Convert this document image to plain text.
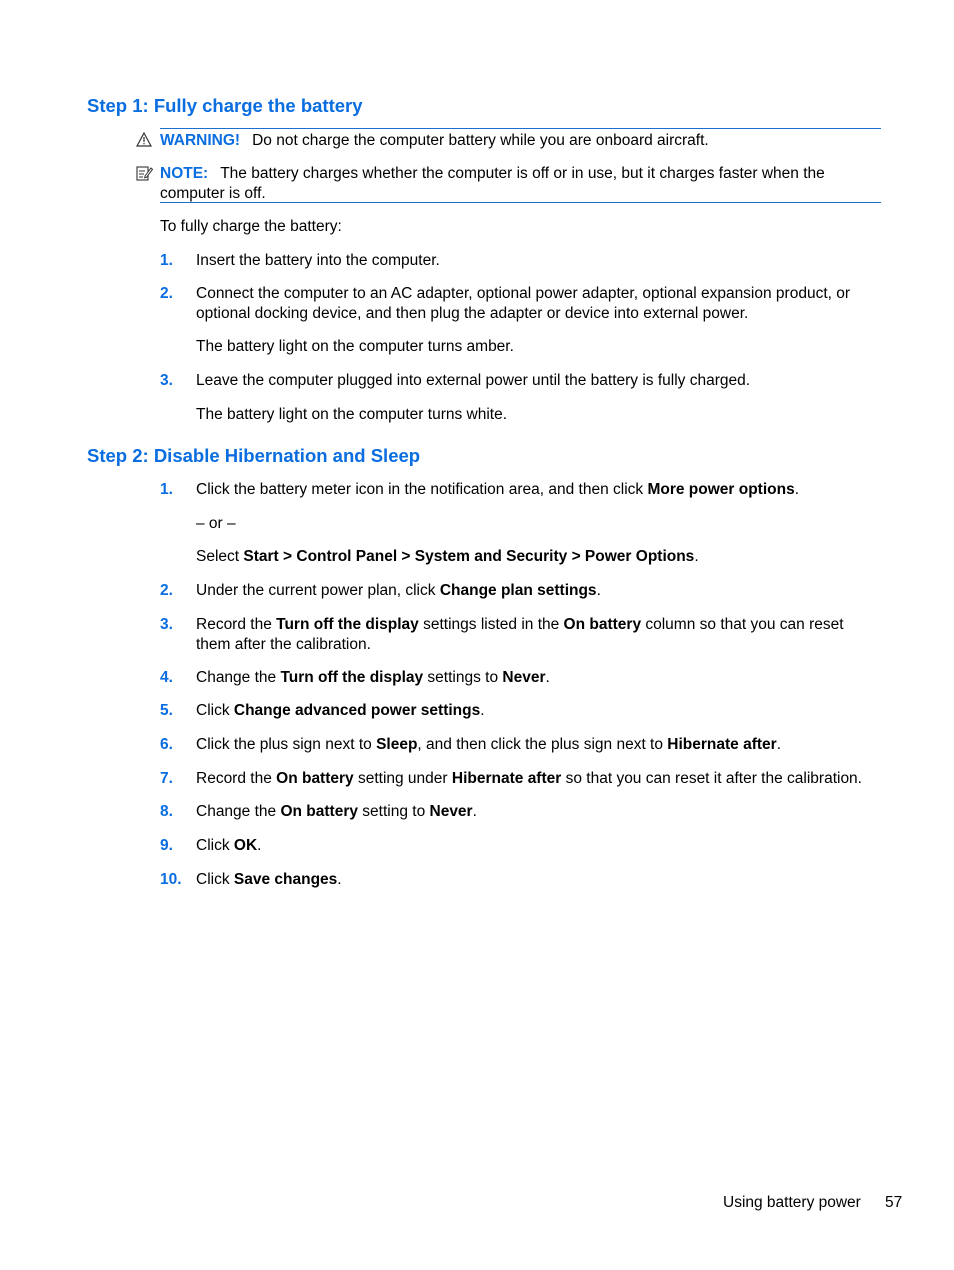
Step 1: Fully charge the battery
WARNING! Do not charge the computer battery while you are onboard aircraft.
NOTE: The battery charges whether the computer is off or in use, but it charges faster when the
computer is off.
To fully charge the battery:
1. Insert the battery into the computer.
2. Connect the computer to an AC adapter, optional power adapter, optional expansion product, or
optional docking device, and then plug the adapter or device into external power.
The battery light on the computer turns amber.
3. Leave the computer plugged into external power until the battery is fully charged.
The battery light on the computer turns white.
Step 2: Disable Hibernation and Sleep
1. Click the battery meter icon in the notification area, and then click More power options.
– or –
Select Start > Control Panel > System and Security > Power Options.
2. Under the current power plan, click Change plan settings.
3. Record the Turn off the display settings listed in the On battery column so that you can reset
them after the calibration.
4. Change the Turn off the display settings to Never.
5. Click Change advanced power settings.
6. Click the plus sign next to Sleep, and then click the plus sign next to Hibernate after.
7. Record the On battery setting under Hibernate after so that you can reset it after the calibration.
8. Change the On battery setting to Never.
9. Click OK.
10. Click Save changes.
Using battery power 57
